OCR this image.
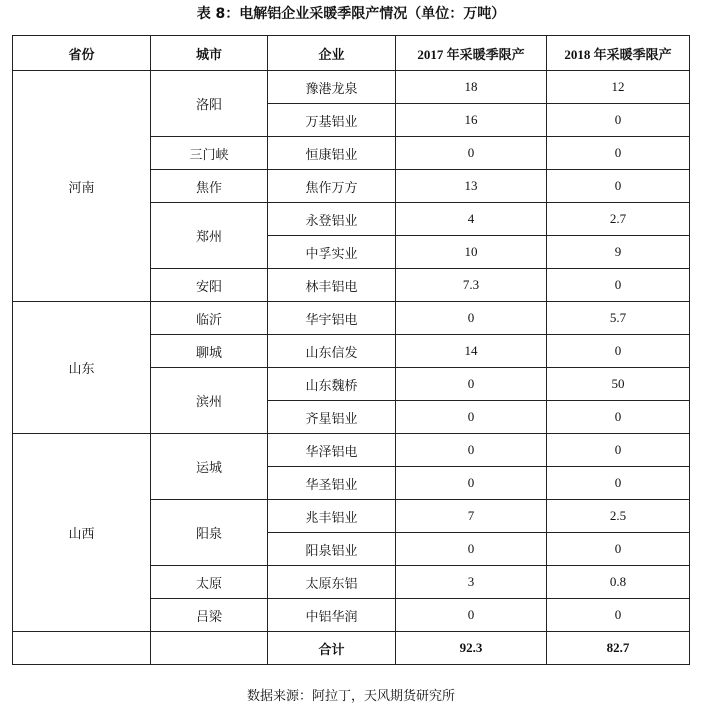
表 8：电解铝企业采暖季限产情况（单位：万吨）
省份	城市	企业	2017 年采暖季限产	2018 年采暖季限产
河南	洛阳	豫港龙泉	18	12
		万基铝业	16	0
	三门峡	恒康铝业	0	0
	焦作	焦作万方	13	0
	郑州	永登铝业	4	2.7
		中孚实业	10	9
	安阳	林丰铝电	7.3	0
山东	临沂	华宇铝电	0	5.7
	聊城	山东信发	14	0
	滨州	山东魏桥	0	50
		齐星铝业	0	0
山西	运城	华泽铝电	0	0
		华圣铝业	0	0
	阳泉	兆丰铝业	7	2.5
		阳泉铝业	0	0
	太原	太原东铝	3	0.8
	吕梁	中铝华润	0	0
		合计	92.3	82.7
数据来源：阿拉丁，天风期货研究所
